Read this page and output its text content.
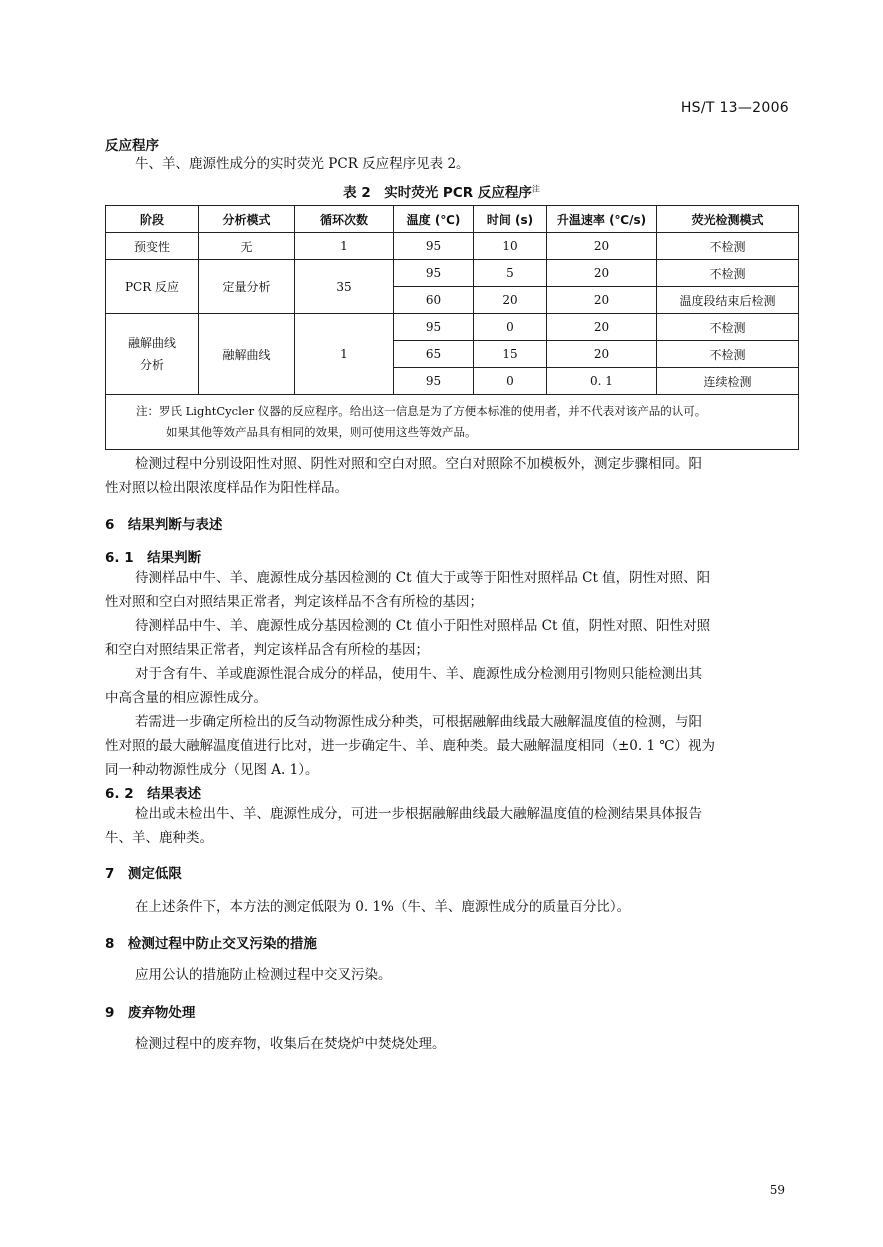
HS/T 13—2006
反应程序
牛、羊、鹿源性成分的实时荧光 PCR 反应程序见表 2。
表 2　实时荧光 PCR 反应程序$^注$
阶段	分析模式	循环次数	温度 (℃)	时间 (s)	升温速率 (℃/s)	荧光检测模式
预变性	无	1	95	10	20	不检测
PCR 反应	定量分析	35	95	5	20	不检测
			60	20	20	温度段结束后检测
融解曲线分析	融解曲线	1	95	0	20	不检测
			65	15	20	不检测
			95	0	0. 1	连续检测
注：罗氏 LightCycler 仪器的反应程序。给出这一信息是为了方便本标准的使用者，并不代表对该产品的认可。
如果其他等效产品具有相同的效果，则可使用这些等效产品。						
检测过程中分别设阳性对照、阴性对照和空白对照。空白对照除不加模板外，测定步骤相同。阳
性对照以检出限浓度样品作为阳性样品。
6　结果判断与表述
6. 1　结果判断
待测样品中牛、羊、鹿源性成分基因检测的 Ct 值大于或等于阳性对照样品 Ct 值，阴性对照、阳
性对照和空白对照结果正常者，判定该样品不含有所检的基因；
待测样品中牛、羊、鹿源性成分基因检测的 Ct 值小于阳性对照样品 Ct 值，阴性对照、阳性对照
和空白对照结果正常者，判定该样品含有所检的基因；
对于含有牛、羊或鹿源性混合成分的样品，使用牛、羊、鹿源性成分检测用引物则只能检测出其
中高含量的相应源性成分。
若需进一步确定所检出的反刍动物源性成分种类，可根据融解曲线最大融解温度值的检测，与阳
性对照的最大融解温度值进行比对，进一步确定牛、羊、鹿种类。最大融解温度相同（±0. 1 ℃）视为
同一种动物源性成分（见图 A. 1）。
6. 2　结果表述
检出或未检出牛、羊、鹿源性成分，可进一步根据融解曲线最大融解温度值的检测结果具体报告
牛、羊、鹿种类。
7　测定低限
在上述条件下，本方法的测定低限为 0. 1%（牛、羊、鹿源性成分的质量百分比）。
8　检测过程中防止交叉污染的措施
应用公认的措施防止检测过程中交叉污染。
9　废弃物处理
检测过程中的废弃物，收集后在焚烧炉中焚烧处理。
59
